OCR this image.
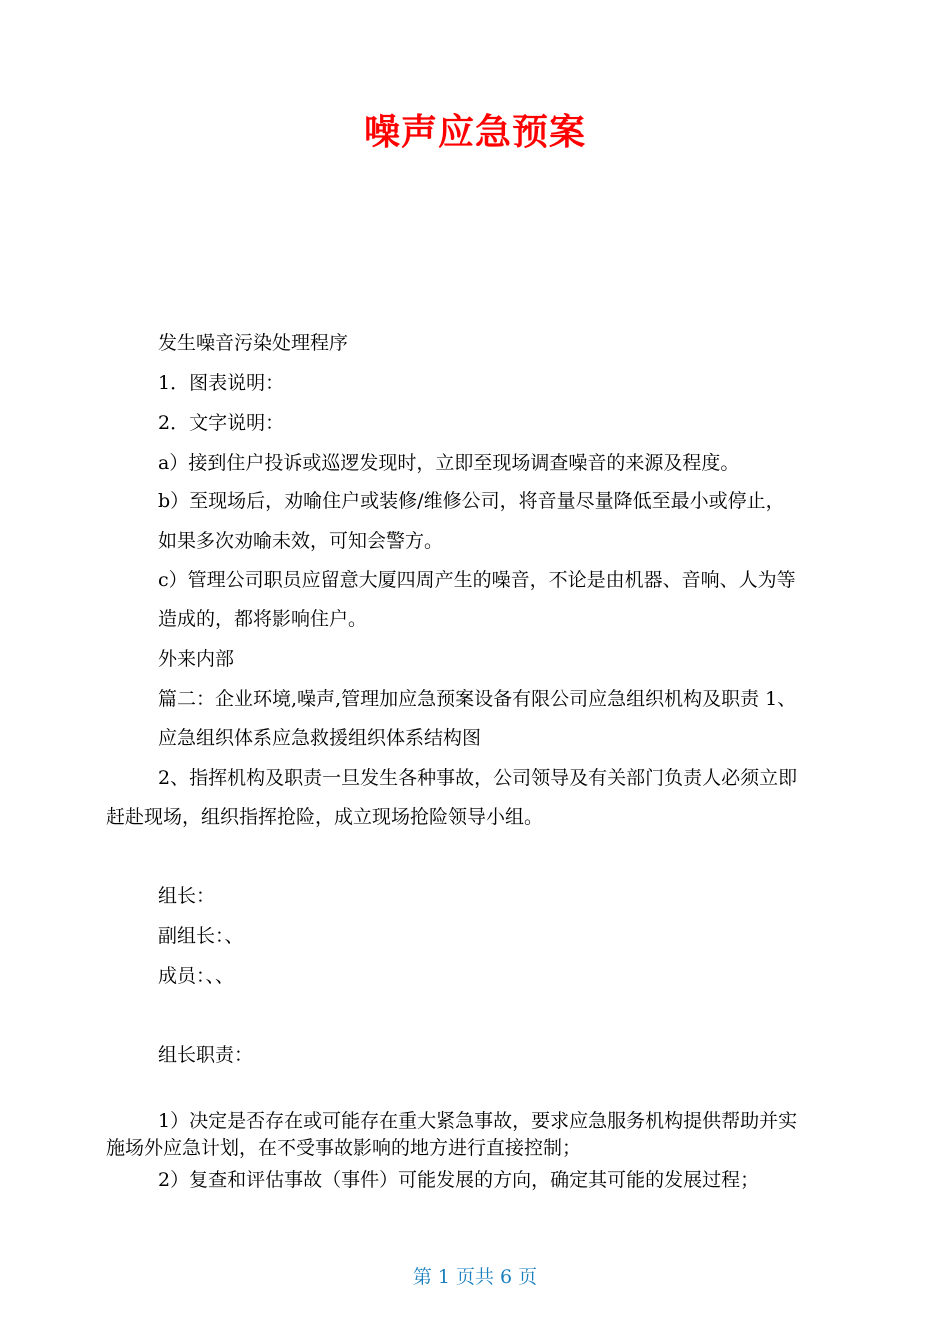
噪声应急预案
发生噪音污染处理程序
1．图表说明：
2．文字说明：
a）接到住户投诉或巡逻发现时，立即至现场调查噪音的来源及程度。
b）至现场后，劝喻住户或装修/维修公司，将音量尽量降低至最小或停止，
如果多次劝喻未效，可知会警方。
c）管理公司职员应留意大厦四周产生的噪音，不论是由机器、音响、人为等
造成的，都将影响住户。
外来内部
篇二：企业环境,噪声,管理加应急预案设备有限公司应急组织机构及职责 1、
应急组织体系应急救援组织体系结构图
2、指挥机构及职责一旦发生各种事故，公司领导及有关部门负责人必须立即
赶赴现场，组织指挥抢险，成立现场抢险领导小组。
组长：
副组长：、
成员：、、
组长职责：
1）决定是否存在或可能存在重大紧急事故，要求应急服务机构提供帮助并实
施场外应急计划，在不受事故影响的地方进行直接控制；
2）复查和评估事故（事件）可能发展的方向，确定其可能的发展过程；
第 1 页共 6 页
